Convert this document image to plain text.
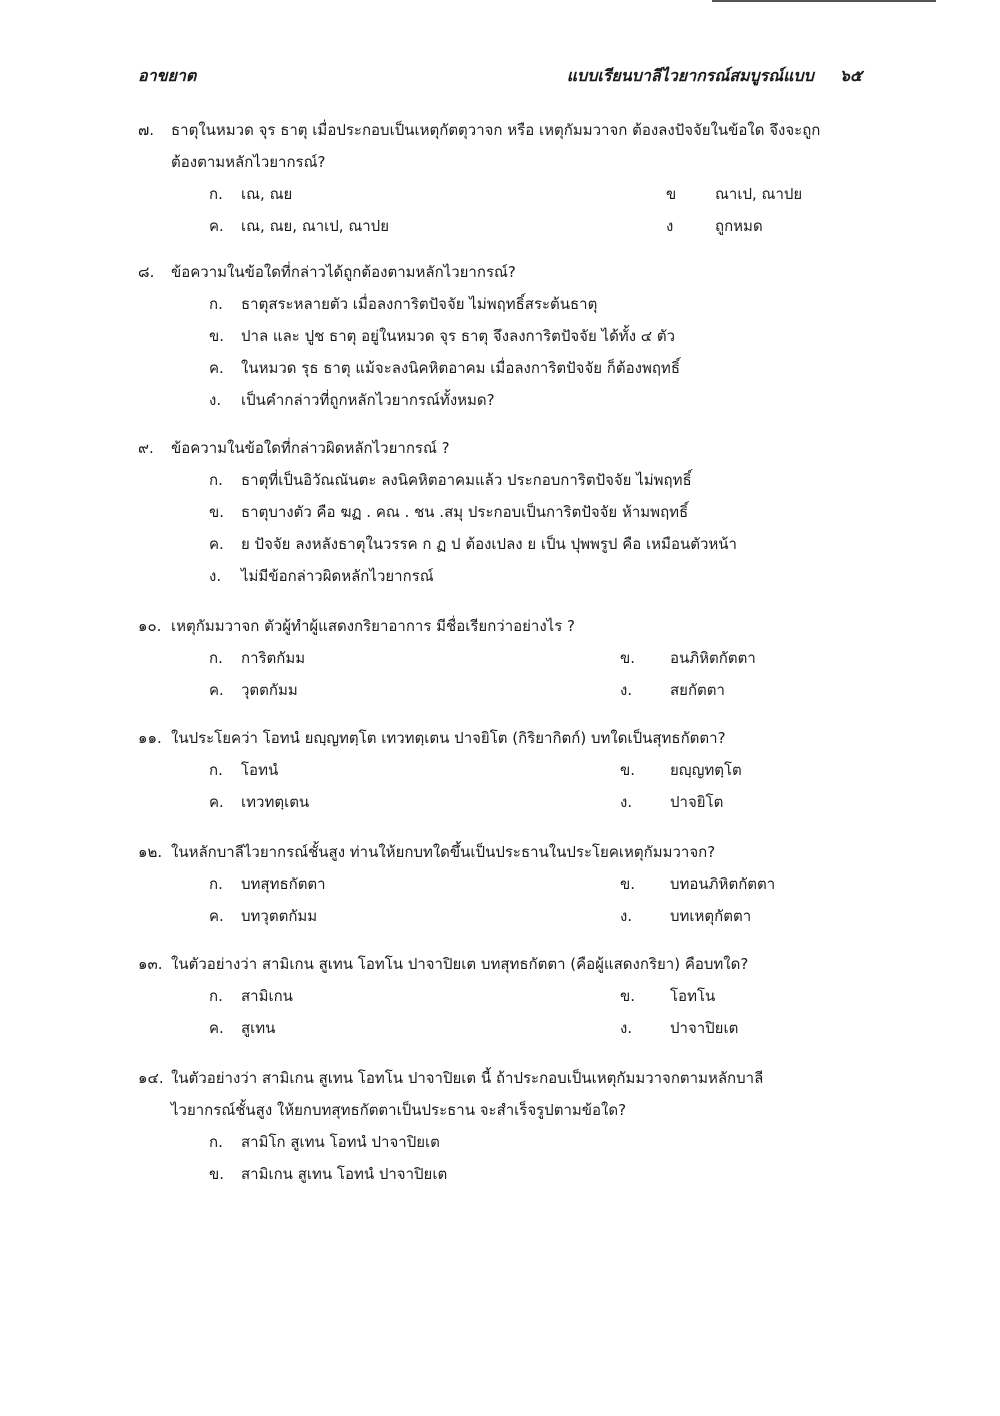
อาขยาต	แบบเรียนบาลีไวยากรณ์สมบูรณ์แบบ ๖๕
๗. ธาตุในหมวด จุร ธาตุ เมื่อประกอบเป็นเหตุกัตตุวาจก หรือ เหตุกัมมวาจก ต้องลงปัจจัยในข้อใด จึงจะถูก
ต้องตามหลักไวยากรณ์?
ก. เณ, ณย	ข	ณาเป, ณาปย
ค. เณ, ณย, ณาเป, ณาปย	ง	ถูกหมด
๘. ข้อความในข้อใดที่กล่าวได้ถูกต้องตามหลักไวยากรณ์?
ก. ธาตุสระหลายตัว เมื่อลงการิตปัจจัย ไม่พฤทธิ์สระต้นธาตุ
ข. ปาล และ ปูช ธาตุ อยู่ในหมวด จุร ธาตุ จึงลงการิตปัจจัย ได้ทั้ง ๔ ตัว
ค. ในหมวด รุธ ธาตุ แม้จะลงนิคหิตอาคม เมื่อลงการิตปัจจัย ก็ต้องพฤทธิ์
ง. เป็นคำกล่าวที่ถูกหลักไวยากรณ์ทั้งหมด?
๙. ข้อความในข้อใดที่กล่าวผิดหลักไวยากรณ์ ?
ก. ธาตุที่เป็นอิวัณณันตะ ลงนิคหิตอาคมแล้ว ประกอบการิตปัจจัย ไม่พฤทธิ์
ข. ธาตุบางตัว คือ ฆฏ . คณ . ชน .สมุ ประกอบเป็นการิตปัจจัย ห้ามพฤทธิ์
ค. ย ปัจจัย ลงหลังธาตุในวรรค ก ฏ ป ต้องเปลง ย เป็น ปุพพรูป คือ เหมือนตัวหน้า
ง. ไม่มีข้อกล่าวผิดหลักไวยากรณ์
๑๐. เหตุกัมมวาจก ตัวผู้ทำผู้แสดงกริยาอาการ มีชื่อเรียกว่าอย่างไร ?
ก. การิตกัมม	ข. อนภิหิตกัตตา
ค. วุตตกัมม	ง.	สยกัตตา
๑๑. ในประโยคว่า โอทนํ ยญฺญทตฺโต เทวทตฺเตน ปาจยิโต (กิริยากิตก์) บทใดเป็นสุทธกัตตา?
ก. โอทนํ	ข. ยญฺญทตฺโต
ค. เทวทตฺเตน	ง.	ปาจยิโต
๑๒. ในหลักบาลีไวยากรณ์ชั้นสูง ท่านให้ยกบทใดขึ้นเป็นประธานในประโยคเหตุกัมมวาจก?
ก. บทสุทธกัตตา	ข. บทอนภิหิตกัตตา
ค. บทวุตตกัมม	ง.	บทเหตุกัตตา
๑๓. ในตัวอย่างว่า สามิเกน สูเทน โอทโน ปาจาปิยเต บทสุทธกัตตา (คือผู้แสดงกริยา) คือบทใด?
ก. สามิเกน	ข. โอทโน
ค. สูเทน	ง.	ปาจาปิยเต
๑๔. ในตัวอย่างว่า สามิเกน สูเทน โอทโน ปาจาปิยเต นี้ ถ้าประกอบเป็นเหตุกัมมวาจกตามหลักบาลี
ไวยากรณ์ชั้นสูง ให้ยกบทสุทธกัตตาเป็นประธาน จะสำเร็จรูปตามข้อใด?
ก. สามิโก สูเทน โอทนํ ปาจาปิยเต
ข. สามิเกน สูเทน โอทนํ ปาจาปิยเต
